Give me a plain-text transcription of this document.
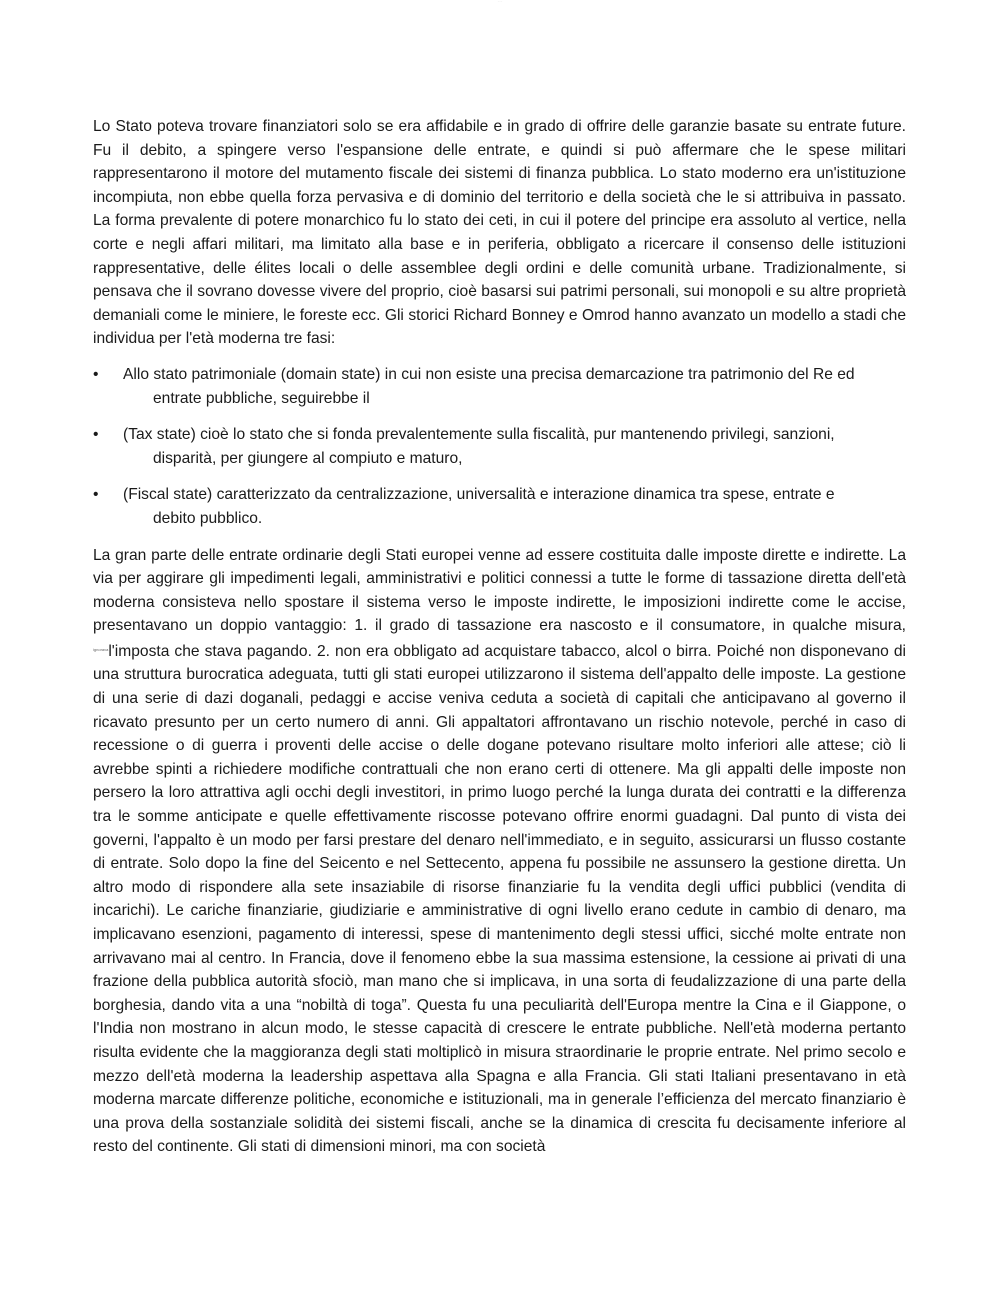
· · ·

Lo Stato poteva trovare finanziatori solo se era affidabile e in grado di offrire delle garanzie basate su entrate future. Fu il debito, a spingere verso l'espansione delle entrate, e quindi si può affermare che le spese militari rappresentarono il motore del mutamento fiscale dei sistemi di finanza pubblica. Lo stato moderno era un'istituzione incompiuta, non ebbe quella forza pervasiva e di dominio del territorio e della società che le si attribuiva in passato. La forma prevalente di potere monarchico fu lo stato dei ceti, in cui il potere del principe era assoluto al vertice, nella corte e negli affari militari, ma limitato alla base e in periferia, obbligato a ricercare il consenso delle istituzioni rappresentative, delle élites locali o delle assemblee degli ordini e delle comunità urbane. Tradizionalmente, si pensava che il sovrano dovesse vivere del proprio, cioè basarsi sui patrimi personali, sui monopoli e su altre proprietà demaniali come le miniere, le foreste ecc. Gli storici Richard Bonney e Omrod hanno avanzato un modello a stadi che individua per l'età moderna tre fasi:

•	Allo stato patrimoniale (domain state) in cui non esiste una precisa demarcazione tra patrimonio del Re ed
entrate pubbliche, seguirebbe il
•	(Tax state) cioè lo stato che si fonda prevalentemente sulla fiscalità, pur mantenendo privilegi, sanzioni,
disparità, per giungere al compiuto e maturo,
•	(Fiscal state) caratterizzato da centralizzazione, universalità e interazione dinamica tra spese, entrate e
debito pubblico.

La gran parte delle entrate ordinarie degli Stati europei venne ad essere costituita dalle imposte dirette e indirette. La via per aggirare gli impedimenti legali, amministrativi e politici connessi a tutte le forme di tassazione diretta dell'età moderna consisteva nello spostare il sistema verso le imposte indirette, le imposizioni indirette come le accise, presentavano un doppio vantaggio: 1. il grado di tassazione era nascosto e il consumatore, in qualche misura, $^{ignorava}$l'imposta che stava pagando. 2. non era obbligato ad acquistare tabacco, alcol o birra. Poiché non disponevano di una struttura burocratica adeguata, tutti gli stati europei utilizzarono il sistema dell'appalto delle imposte. La gestione di una serie di dazi doganali, pedaggi e accise veniva ceduta a società di capitali che anticipavano al governo il ricavato presunto per un certo numero di anni. Gli appaltatori affrontavano un rischio notevole, perché in caso di recessione o di guerra i proventi delle accise o delle dogane potevano risultare molto inferiori alle attese; ciò li avrebbe spinti a richiedere modifiche contrattuali che non erano certi di ottenere. Ma gli appalti delle imposte non persero la loro attrattiva agli occhi degli investitori, in primo luogo perché la lunga durata dei contratti e la differenza tra le somme anticipate e quelle effettivamente riscosse potevano offrire enormi guadagni. Dal punto di vista dei governi, l'appalto è un modo per farsi prestare del denaro nell'immediato, e in seguito, assicurarsi un flusso costante di entrate. Solo dopo la fine del Seicento e nel Settecento, appena fu possibile ne assunsero la gestione diretta. Un altro modo di rispondere alla sete insaziabile di risorse finanziarie fu la vendita degli uffici pubblici (vendita di incarichi). Le cariche finanziarie, giudiziarie e amministrative di ogni livello erano cedute in cambio di denaro, ma implicavano esenzioni, pagamento di interessi, spese di mantenimento degli stessi uffici, sicché molte entrate non arrivavano mai al centro. In Francia, dove il fenomeno ebbe la sua massima estensione, la cessione ai privati di una frazione della pubblica autorità sfociò, man mano che si implicava, in una sorta di feudalizzazione di una parte della borghesia, dando vita a una “nobiltà di toga”. Questa fu una peculiarità dell'Europa mentre la Cina e il Giappone, o l'India non mostrano in alcun modo, le stesse capacità di crescere le entrate pubbliche. Nell'età moderna pertanto risulta evidente che la maggioranza degli stati moltiplicò in misura straordinarie le proprie entrate. Nel primo secolo e mezzo dell'età moderna la leadership aspettava alla Spagna e alla Francia. Gli stati Italiani presentavano in età moderna marcate differenze politiche, economiche e istituzionali, ma in generale l’efficienza del mercato finanziario è una prova della sostanziale solidità dei sistemi fiscali, anche se la dinamica di crescita fu decisamente inferiore al resto del continente. Gli stati di dimensioni minori, ma con società
